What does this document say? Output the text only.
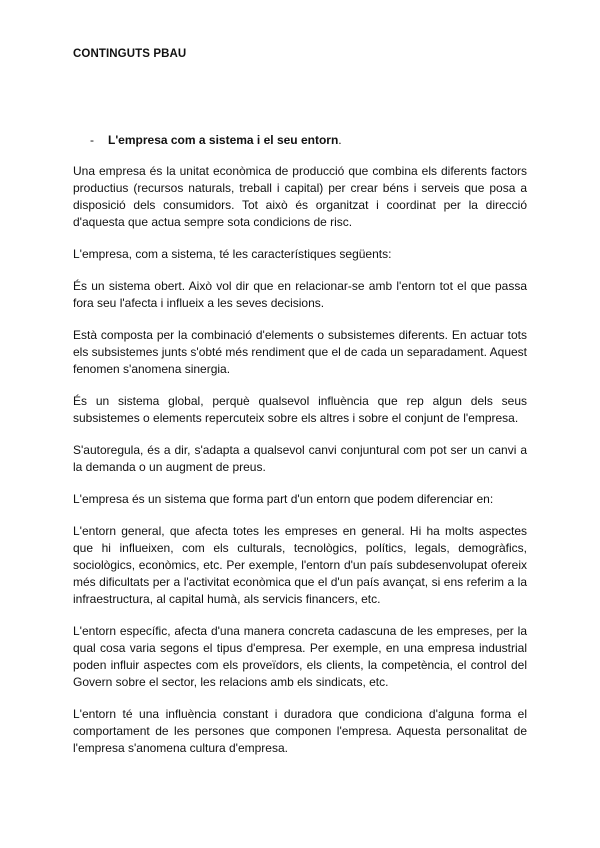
CONTINGUTS PBAU
- L'empresa com a sistema i el seu entorn.

Una empresa és la unitat econòmica de producció que combina els diferents factors productius (recursos naturals, treball i capital) per crear béns i serveis que posa a disposició dels consumidors. Tot això és organitzat i coordinat per la direcció d'aquesta que actua sempre sota condicions de risc.

L'empresa, com a sistema, té les característiques següents:

És un sistema obert. Això vol dir que en relacionar-se amb l'entorn tot el que passa fora seu l'afecta i influeix a les seves decisions.

Està composta per la combinació d'elements o subsistemes diferents. En actuar tots els subsistemes junts s'obté més rendiment que el de cada un separadament. Aquest fenomen s'anomena sinergia.

És un sistema global, perquè qualsevol influència que rep algun dels seus subsistemes o elements repercuteix sobre els altres i sobre el conjunt de l'empresa.

S'autoregula, és a dir, s'adapta a qualsevol canvi conjuntural com pot ser un canvi a la demanda o un augment de preus.

L'empresa és un sistema que forma part d'un entorn que podem diferenciar en:

L'entorn general, que afecta totes les empreses en general. Hi ha molts aspectes que hi influeixen, com els culturals, tecnològics, polítics, legals, demogràfics, sociològics, econòmics, etc. Per exemple, l'entorn d'un país subdesenvolupat ofereix més dificultats per a l'activitat econòmica que el d'un país avançat, si ens referim a la infraestructura, al capital humà, als servicis financers, etc.

L'entorn específic, afecta d'una manera concreta cadascuna de les empreses, per la qual cosa varia segons el tipus d'empresa. Per exemple, en una empresa industrial poden influir aspectes com els proveïdors, els clients, la competència, el control del Govern sobre el sector, les relacions amb els sindicats, etc.

L'entorn té una influència constant i duradora que condiciona d'alguna forma el comportament de les persones que componen l'empresa. Aquesta personalitat de l'empresa s'anomena cultura d'empresa.
